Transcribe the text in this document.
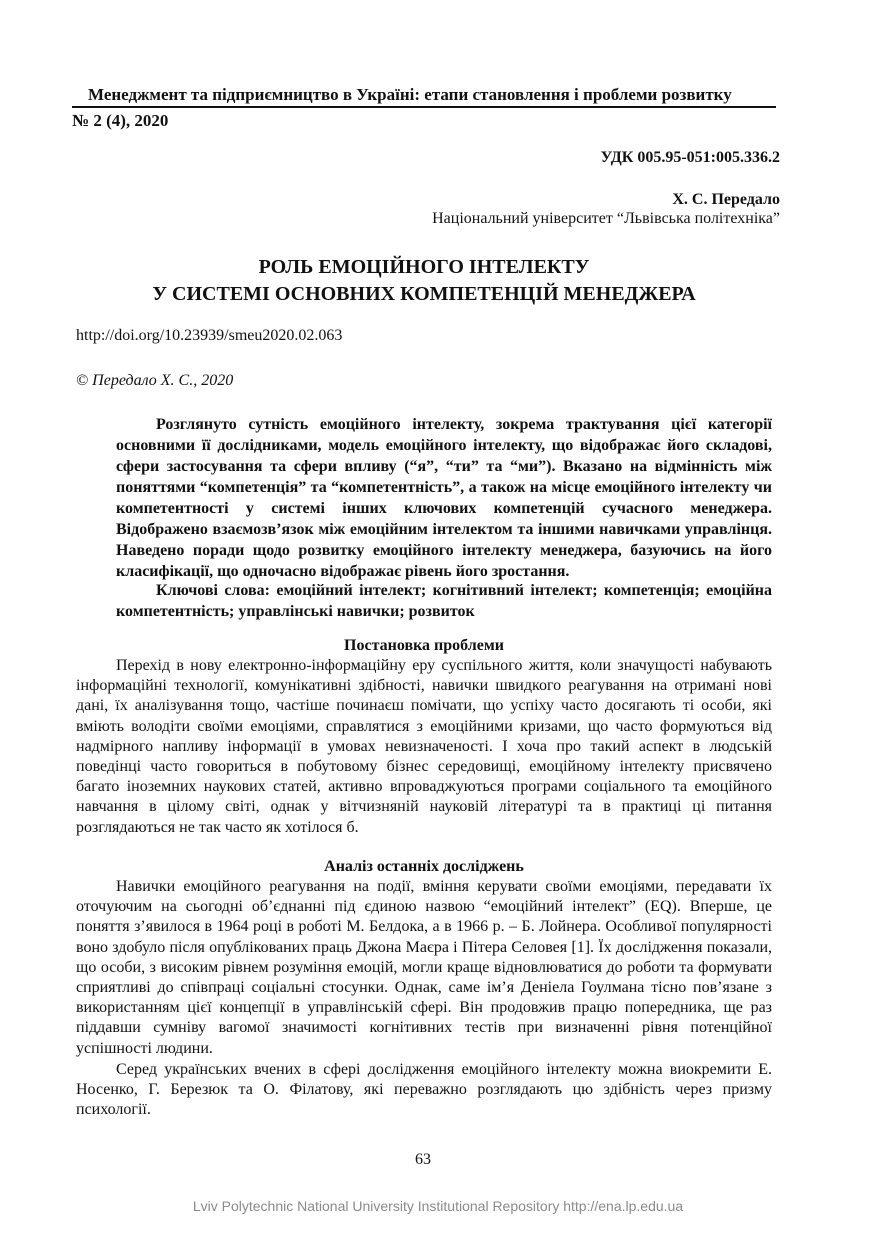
Менеджмент та підприємництво в Україні: етапи становлення і проблеми розвитку
№ 2 (4), 2020
УДК 005.95-051:005.336.2
Х. С. Передало
Національний університет “Львівська політехніка”
РОЛЬ ЕМОЦІЙНОГО ІНТЕЛЕКТУ
У СИСТЕМІ ОСНОВНИХ КОМПЕТЕНЦІЙ МЕНЕДЖЕРА
http://doi.org/10.23939/smeu2020.02.063
© Передало Х. С., 2020

Розглянуто сутність емоційного інтелекту, зокрема трактування цієї категорії основними її дослідниками, модель емоційного інтелекту, що відображає його складові, сфери застосування та сфери впливу (“я”, “ти” та “ми”). Вказано на відмінність між поняттями “компетенція” та “компетентність”, а також на місце емоційного інтелекту чи компетентності у системі інших ключових компетенцій сучасного менеджера. Відображено взаємозв’язок між емоційним інтелектом та іншими навичками управлінця. Наведено поради щодо розвитку емоційного інтелекту менеджера, базуючись на його класифікації, що одночасно відображає рівень його зростання.

Ключові слова: емоційний інтелект; когнітивний інтелект; компетенція; емоційна компетентність; управлінські навички; розвиток

Постановка проблеми

Перехід в нову електронно-інформаційну еру суспільного життя, коли значущості набувають інформаційні технології, комунікативні здібності, навички швидкого реагування на отримані нові дані, їх аналізування тощо, частіше починаєш помічати, що успіху часто досягають ті особи, які вміють володіти своїми емоціями, справлятися з емоційними кризами, що часто формуються від надмірного напливу інформації в умовах невизначеності. І хоча про такий аспект в людській поведінці часто говориться в побутовому бізнес середовищі, емоційному інтелекту присвячено багато іноземних наукових статей, активно впроваджуються програми соціального та емоційного навчання в цілому світі, однак у вітчизняній науковій літературі та в практиці ці питання розглядаються не так часто як хотілося б.

Аналіз останніх досліджень

Навички емоційного реагування на події, вміння керувати своїми емоціями, передавати їх оточуючим на сьогодні об’єднанні під єдиною назвою “емоційний інтелект” (EQ). Вперше, це поняття з’явилося в 1964 році в роботі М. Белдока, а в 1966 р. – Б. Лойнера. Особливої популярності воно здобуло після опублікованих праць Джона Маєра і Пітера Селовея [1]. Їх дослідження показали, що особи, з високим рівнем розуміння емоцій, могли краще відновлюватися до роботи та формувати сприятливі до співпраці соціальні стосунки. Однак, саме ім’я Деніела Гоулмана тісно пов’язане з використанням цієї концепції в управлінській сфері. Він продовжив працю попередника, ще раз піддавши сумніву вагомої значимості когнітивних тестів при визначенні рівня потенційної успішності людини.

Серед українських вчених в сфері дослідження емоційного інтелекту можна виокремити Е. Носенко, Г. Березюк та О. Філатову, які переважно розглядають цю здібність через призму психології.

63
Lviv Polytechnic National University Institutional Repository http://ena.lp.edu.ua
